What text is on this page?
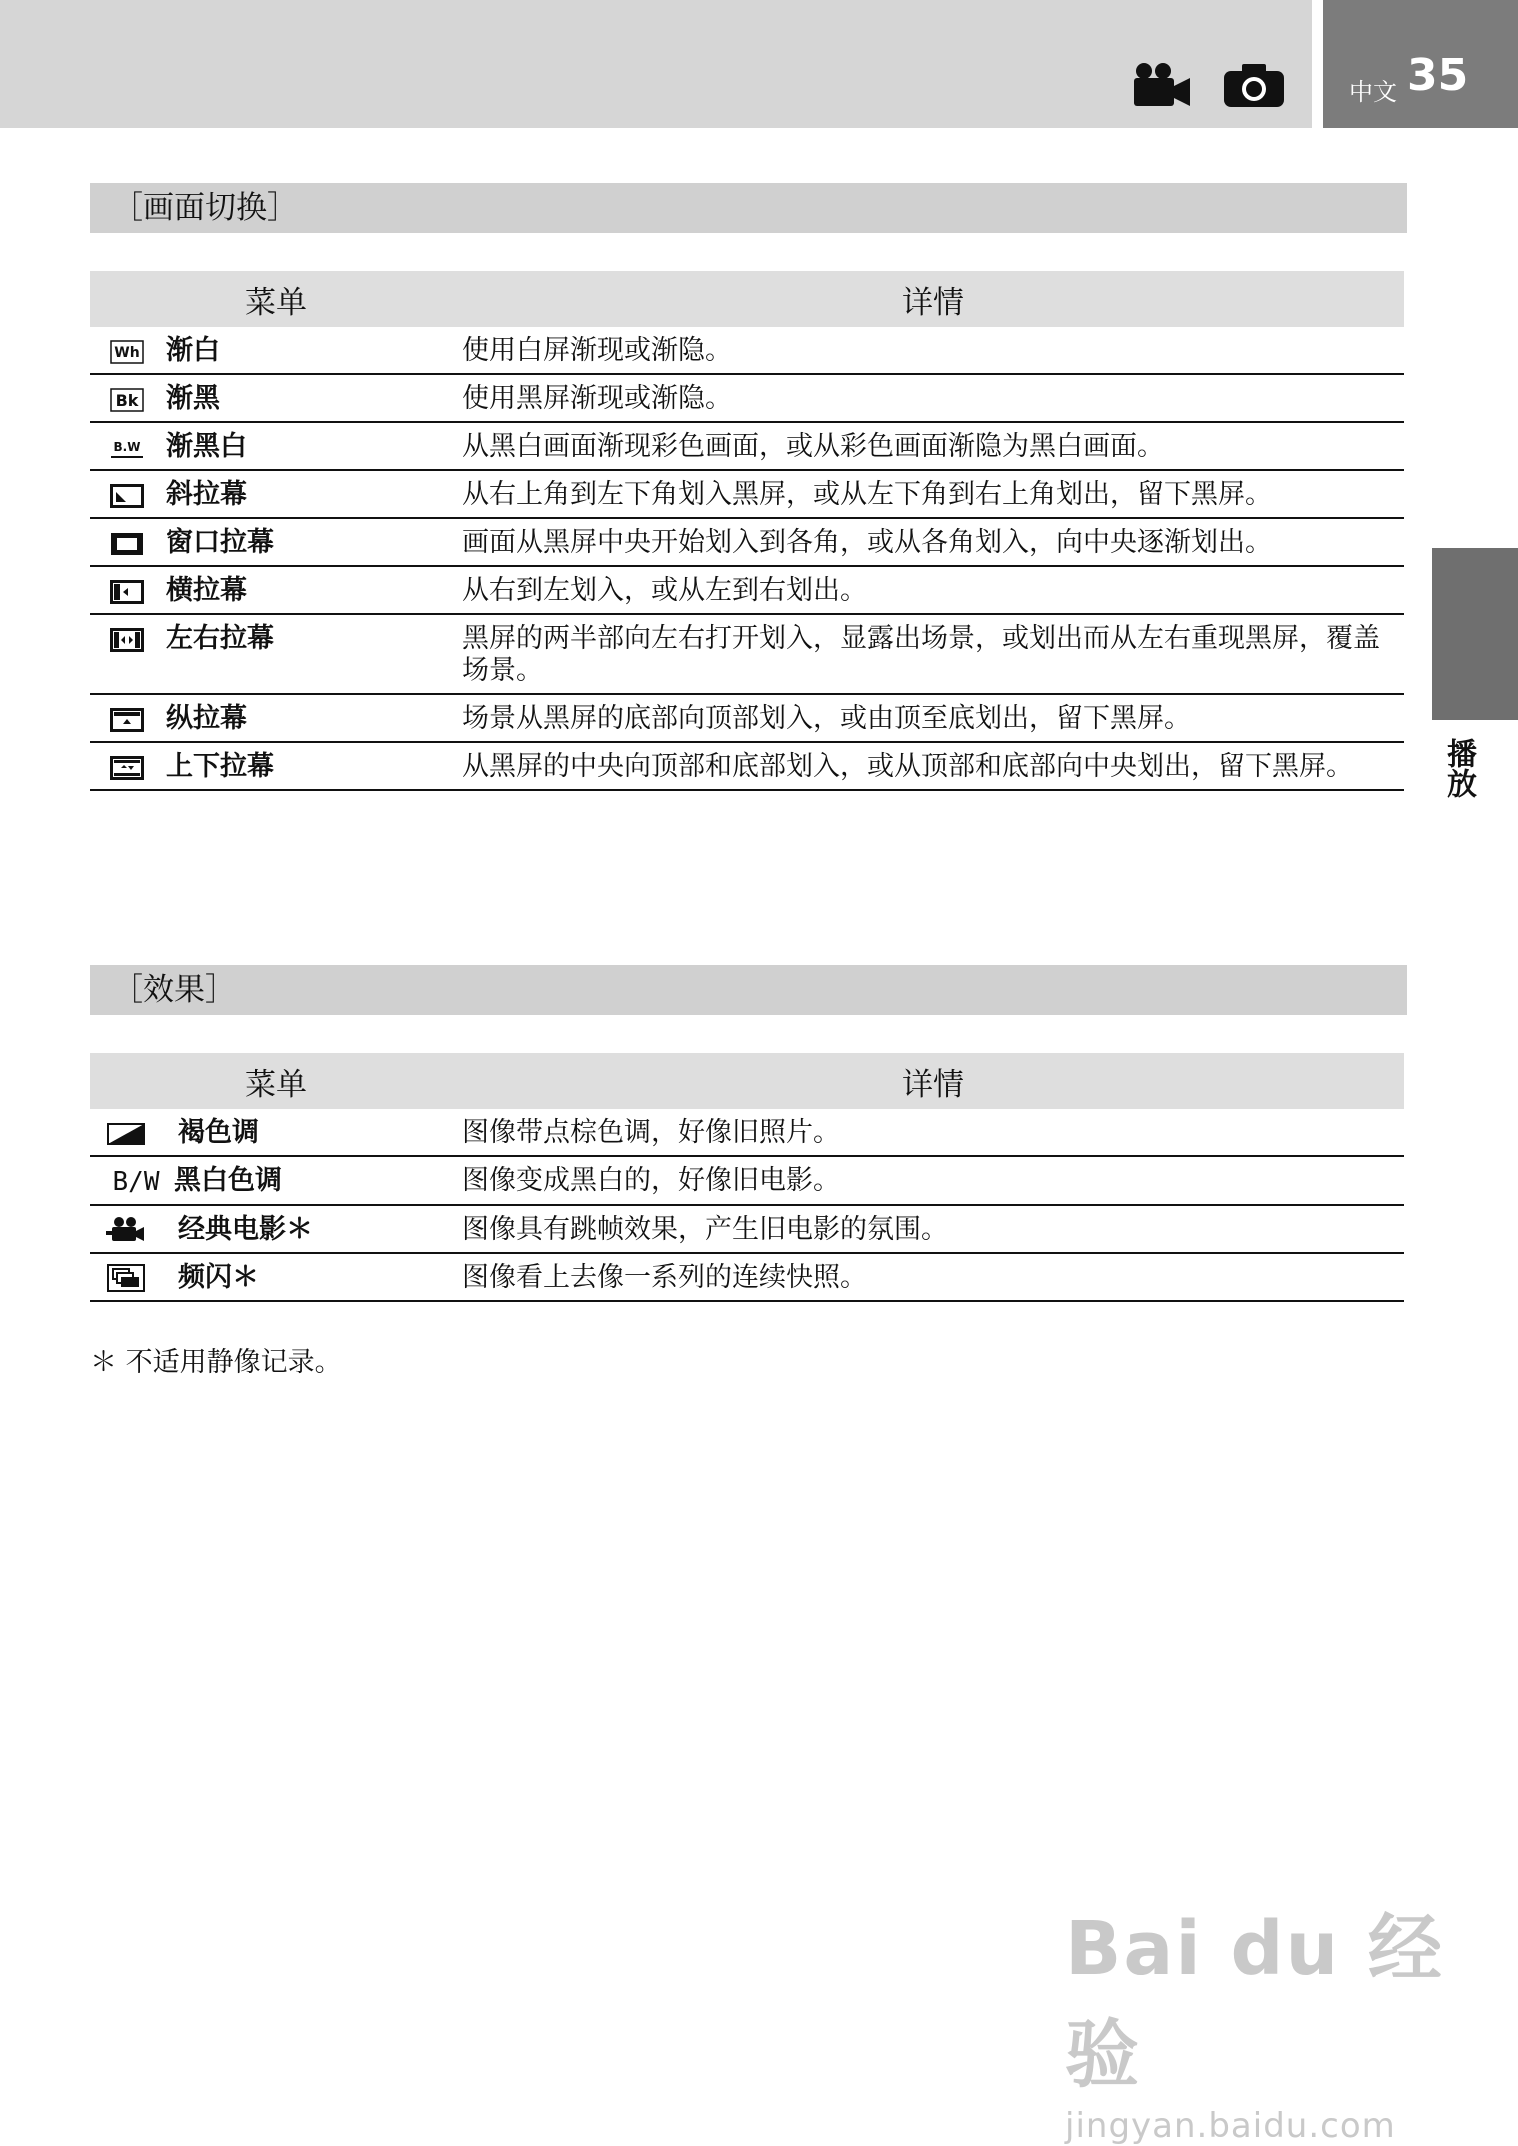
中文 35
播放
［画面切换］
菜单	详情

Wh 渐白	使用白屏渐现或渐隐。

Bk 渐黑	使用黑屏渐现或渐隐。

B.W 渐黑白	从黑白画面渐现彩色画面，或从彩色画面渐隐为黑白画面。

斜拉幕	从右上角到左下角划入黑屏，或从左下角到右上角划出，留下黑屏。

窗口拉幕	画面从黑屏中央开始划入到各角，或从各角划入，向中央逐渐划出。

横拉幕	从右到左划入，或从左到右划出。

左右拉幕	黑屏的两半部向左右打开划入，显露出场景，或划出而从左右重现黑屏，覆盖场景。

纵拉幕	场景从黑屏的底部向顶部划入，或由顶至底划出，留下黑屏。

上下拉幕	从黑屏的中央向顶部和底部划入，或从顶部和底部向中央划出，留下黑屏。
［效果］
菜单	详情

褐色调	图像带点棕色调，好像旧照片。
B/W 黑白色调	图像变成黑白的，好像旧电影。

经典电影＊	图像具有跳帧效果，产生旧电影的氛围。

频闪＊	图像看上去像一系列的连续快照。
＊ 不适用静像记录。
Bai du 经验
jingyan.baidu.com
